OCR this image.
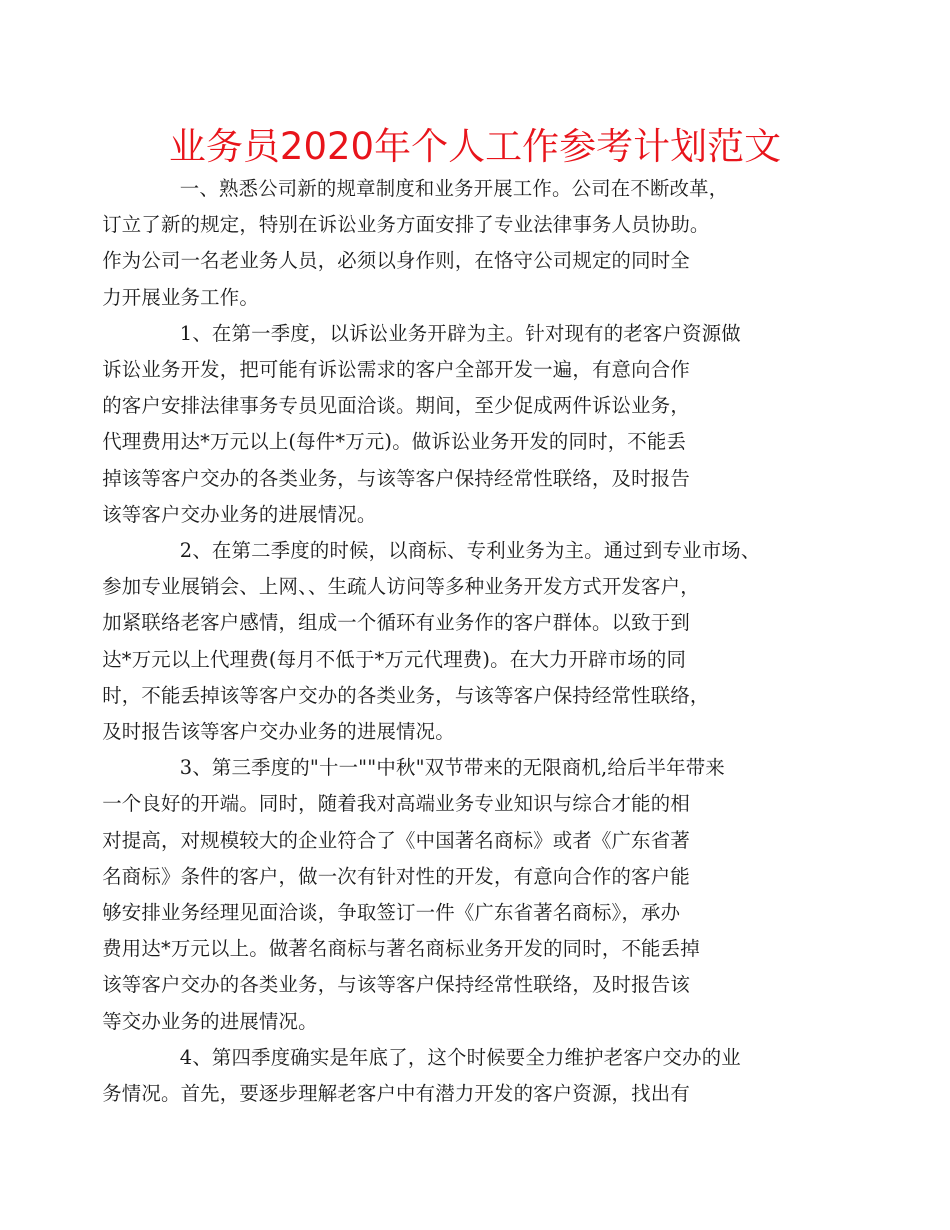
业务员2020年个人工作参考计划范文

一、熟悉公司新的规章制度和业务开展工作。公司在不断改革，
订立了新的规定，特别在诉讼业务方面安排了专业法律事务人员协助。
作为公司一名老业务人员，必须以身作则，在恪守公司规定的同时全
力开展业务工作。

1、在第一季度，以诉讼业务开辟为主。针对现有的老客户资源做
诉讼业务开发，把可能有诉讼需求的客户全部开发一遍，有意向合作
的客户安排法律事务专员见面洽谈。期间，至少促成两件诉讼业务，
代理费用达*万元以上(每件*万元)。做诉讼业务开发的同时，不能丢
掉该等客户交办的各类业务，与该等客户保持经常性联络，及时报告
该等客户交办业务的进展情况。

2、在第二季度的时候，以商标、专利业务为主。通过到专业市场、
参加专业展销会、上网、、生疏人访问等多种业务开发方式开发客户，
加紧联络老客户感情，组成一个循环有业务作的客户群体。以致于到
达*万元以上代理费(每月不低于*万元代理费)。在大力开辟市场的同
时，不能丢掉该等客户交办的各类业务，与该等客户保持经常性联络，
及时报告该等客户交办业务的进展情况。

3、第三季度的"十一""中秋"双节带来的无限商机,给后半年带来
一个良好的开端。同时，随着我对高端业务专业知识与综合才能的相
对提高，对规模较大的企业符合了《中国著名商标》或者《广东省著
名商标》条件的客户，做一次有针对性的开发，有意向合作的客户能
够安排业务经理见面洽谈，争取签订一件《广东省著名商标》，承办
费用达*万元以上。做著名商标与著名商标业务开发的同时，不能丢掉
该等客户交办的各类业务，与该等客户保持经常性联络，及时报告该
等交办业务的进展情况。

4、第四季度确实是年底了，这个时候要全力维护老客户交办的业
务情况。首先，要逐步理解老客户中有潜力开发的客户资源，找出有
